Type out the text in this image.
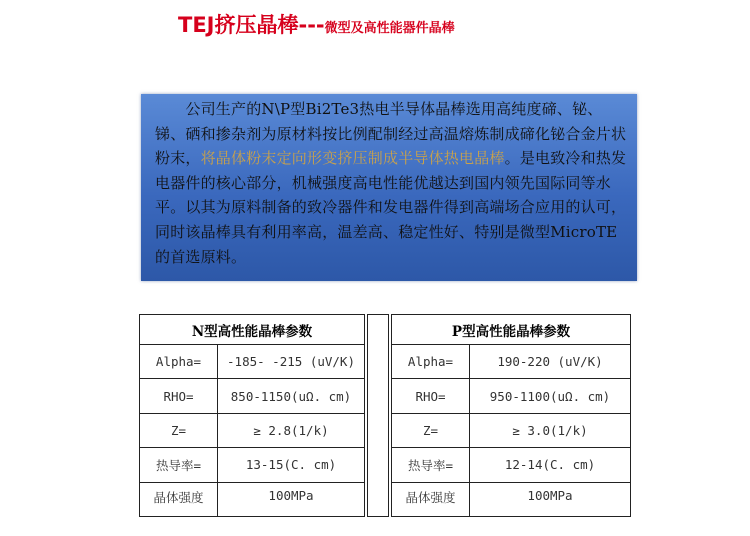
TEJ挤压晶棒---微型及高性能器件晶棒
　　公司生产的N\P型Bi2Te3热电半导体晶棒选用高纯度碲、铋、锑、硒和掺杂剂为原材料按比例配制经过高温熔炼制成碲化铋合金片状粉末，将晶体粉末定向形变挤压制成半导体热电晶棒。是电致冷和热发电器件的核心部分，机械强度高电性能优越达到国内领先国际同等水平。以其为原料制备的致冷器件和发电器件得到高端场合应用的认可，同时该晶棒具有利用率高，温差高、稳定性好、特别是微型MicroTE的首选原料。
N型高性能晶棒参数
Alpha=	-185- -215 (uV/K)
RHO=	850-1150(uΩ. cm)
Z=	≥ 2.8(1/k)
热导率=	13-15(C. cm)
晶体强度	100MPa
P型高性能晶棒参数
Alpha=	190-220 (uV/K)
RHO=	950-1100(uΩ. cm)
Z=	≥ 3.0(1/k)
热导率=	12-14(C. cm)
晶体强度	100MPa
